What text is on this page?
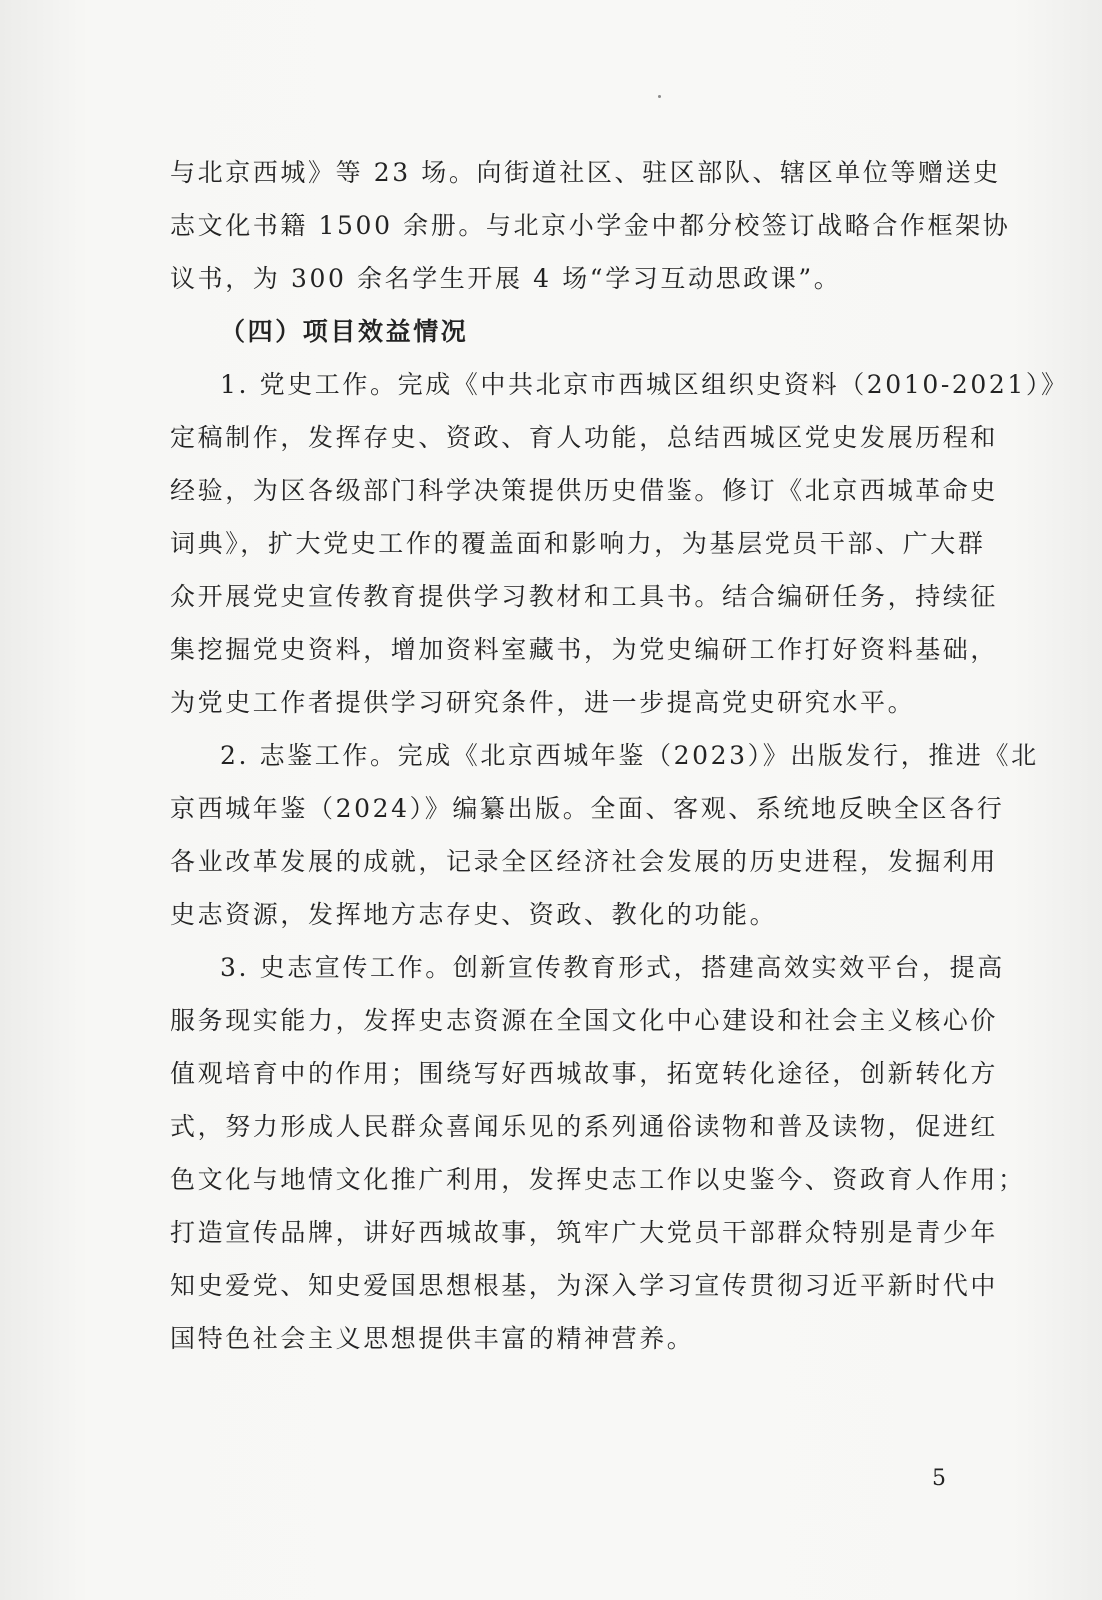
与北京西城》等 23 场。向街道社区、驻区部队、辖区单位等赠送史
志文化书籍 1500 余册。与北京小学金中都分校签订战略合作框架协
议书，为 300 余名学生开展 4 场“学习互动思政课”。
（四）项目效益情况
1. 党史工作。完成《中共北京市西城区组织史资料（2010-2021）》
定稿制作，发挥存史、资政、育人功能，总结西城区党史发展历程和
经验，为区各级部门科学决策提供历史借鉴。修订《北京西城革命史
词典》，扩大党史工作的覆盖面和影响力，为基层党员干部、广大群
众开展党史宣传教育提供学习教材和工具书。结合编研任务，持续征
集挖掘党史资料，增加资料室藏书，为党史编研工作打好资料基础，
为党史工作者提供学习研究条件，进一步提高党史研究水平。
2. 志鉴工作。完成《北京西城年鉴（2023）》出版发行，推进《北
京西城年鉴（2024）》编纂出版。全面、客观、系统地反映全区各行
各业改革发展的成就，记录全区经济社会发展的历史进程，发掘利用
史志资源，发挥地方志存史、资政、教化的功能。
3. 史志宣传工作。创新宣传教育形式，搭建高效实效平台，提高
服务现实能力，发挥史志资源在全国文化中心建设和社会主义核心价
值观培育中的作用；围绕写好西城故事，拓宽转化途径，创新转化方
式，努力形成人民群众喜闻乐见的系列通俗读物和普及读物，促进红
色文化与地情文化推广利用，发挥史志工作以史鉴今、资政育人作用；
打造宣传品牌，讲好西城故事，筑牢广大党员干部群众特别是青少年
知史爱党、知史爱国思想根基，为深入学习宣传贯彻习近平新时代中
国特色社会主义思想提供丰富的精神营养。
5
